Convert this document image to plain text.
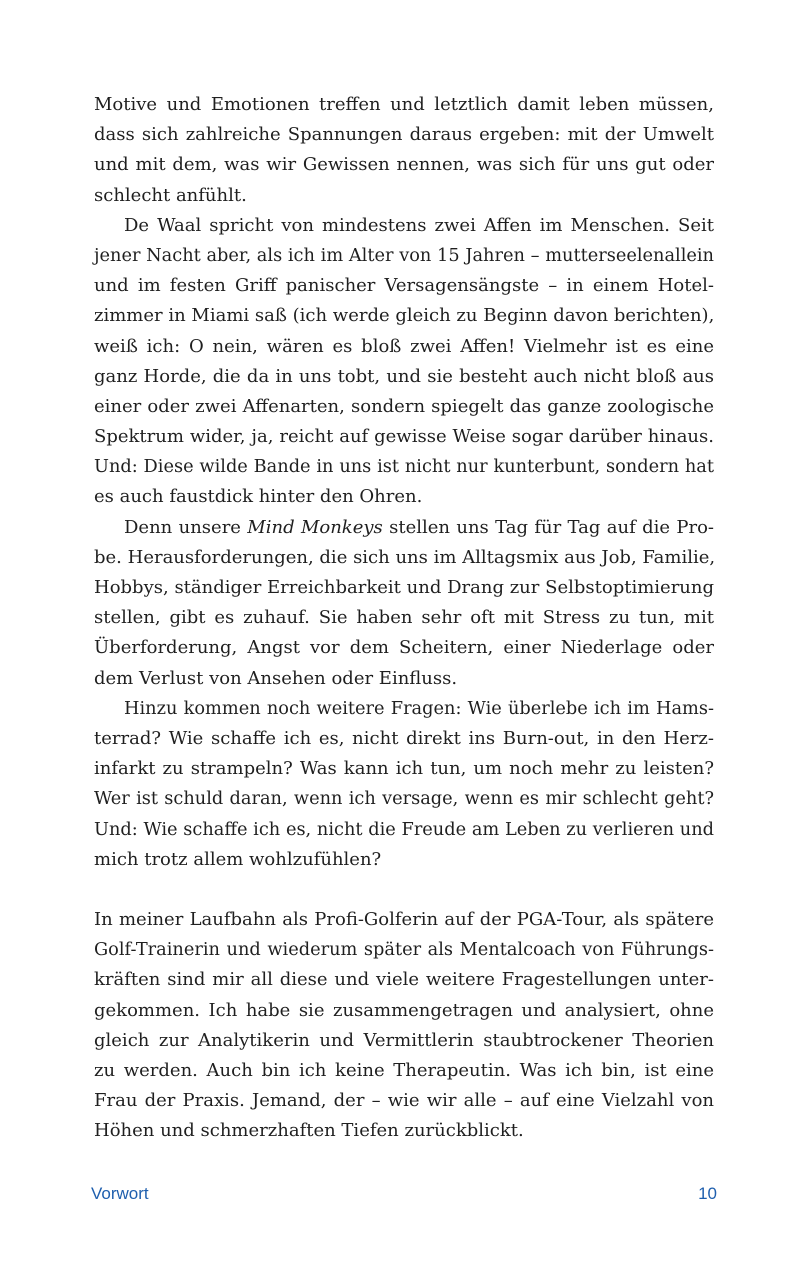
Motive und Emotionen treffen und letztlich damit leben müssen,
dass sich zahlreiche Spannungen daraus ergeben: mit der Umwelt
und mit dem, was wir Gewissen nennen, was sich für uns gut oder
schlecht anfühlt.
De Waal spricht von mindestens zwei Affen im Menschen. Seit
jener Nacht aber, als ich im Alter von 15 Jahren – mutterseelenallein
und im festen Griff panischer Versagensängste – in einem Hotel-
zimmer in Miami saß (ich werde gleich zu Beginn davon berichten),
weiß ich: O nein, wären es bloß zwei Affen! Vielmehr ist es eine
ganz Horde, die da in uns tobt, und sie besteht auch nicht bloß aus
einer oder zwei Affenarten, sondern spiegelt das ganze zoologische
Spektrum wider, ja, reicht auf gewisse Weise sogar darüber hinaus.
Und: Diese wilde Bande in uns ist nicht nur kunterbunt, sondern hat
es auch faustdick hinter den Ohren.
Denn unsere Mind Monkeys stellen uns Tag für Tag auf die Pro-
be. Herausforderungen, die sich uns im Alltagsmix aus Job, Familie,
Hobbys, ständiger Erreichbarkeit und Drang zur Selbstoptimierung
stellen, gibt es zuhauf. Sie haben sehr oft mit Stress zu tun, mit
Überforderung, Angst vor dem Scheitern, einer Niederlage oder
dem Verlust von Ansehen oder Einfluss.
Hinzu kommen noch weitere Fragen: Wie überlebe ich im Hams-
terrad? Wie schaffe ich es, nicht direkt ins Burn-out, in den Herz-
infarkt zu strampeln? Was kann ich tun, um noch mehr zu leisten?
Wer ist schuld daran, wenn ich versage, wenn es mir schlecht geht?
Und: Wie schaffe ich es, nicht die Freude am Leben zu verlieren und
mich trotz allem wohlzufühlen?
In meiner Laufbahn als Profi-Golferin auf der PGA-Tour, als spätere
Golf-Trainerin und wiederum später als Mentalcoach von Führungs-
kräften sind mir all diese und viele weitere Fragestellungen unter-
gekommen. Ich habe sie zusammengetragen und analysiert, ohne
gleich zur Analytikerin und Vermittlerin staubtrockener Theorien
zu werden. Auch bin ich keine Therapeutin. Was ich bin, ist eine
Frau der Praxis. Jemand, der – wie wir alle – auf eine Vielzahl von
Höhen und schmerzhaften Tiefen zurückblickt.
Vorwort	10
